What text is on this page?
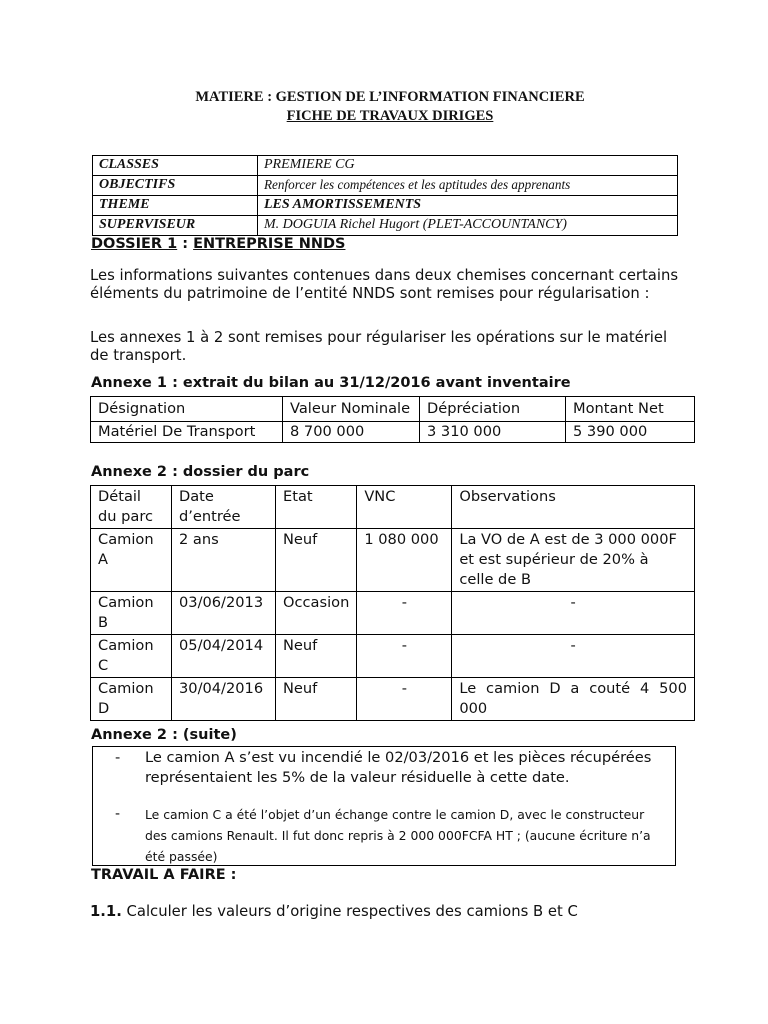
MATIERE : GESTION DE L’INFORMATION FINANCIERE
FICHE DE TRAVAUX DIRIGES
CLASSES	PREMIERE CG
OBJECTIFS	Renforcer les compétences et les aptitudes des apprenants
THEME	LES AMORTISSEMENTS
SUPERVISEUR	M. DOGUIA Richel Hugort (PLET-ACCOUNTANCY)
DOSSIER 1 : ENTREPRISE NNDS
Les informations suivantes contenues dans deux chemises concernant certains éléments du patrimoine de l’entité NNDS sont remises pour régularisation :
Les annexes 1 à 2 sont remises pour régulariser les opérations sur le matériel de transport.
Annexe 1 : extrait du bilan au 31/12/2016 avant inventaire
Désignation	Valeur Nominale	Dépréciation	Montant Net
Matériel De Transport	8 700 000	3 310 000	5 390 000
Annexe 2 : dossier du parc
Détail du parc	Date d’entrée	Etat	VNC	Observations
Camion A	2 ans	Neuf	1 080 000	La VO de A est de 3 000 000F et est supérieur de 20% à celle de B
Camion B	03/06/2013	Occasion	-	-
Camion C	05/04/2014	Neuf	-	-
Camion D	30/04/2016	Neuf	-	Le camion D a couté 4 500 000
Annexe 2 : (suite)
- Le camion A s’est vu incendié le 02/03/2016 et les pièces récupérées représentaient les 5% de la valeur résiduelle à cette date.
- Le camion C a été l’objet d’un échange contre le camion D, avec le constructeur des camions Renault. Il fut donc repris à 2 000 000FCFA HT ; (aucune écriture n’a été passée)
TRAVAIL A FAIRE :
1.1. Calculer les valeurs d’origine respectives des camions B et C
